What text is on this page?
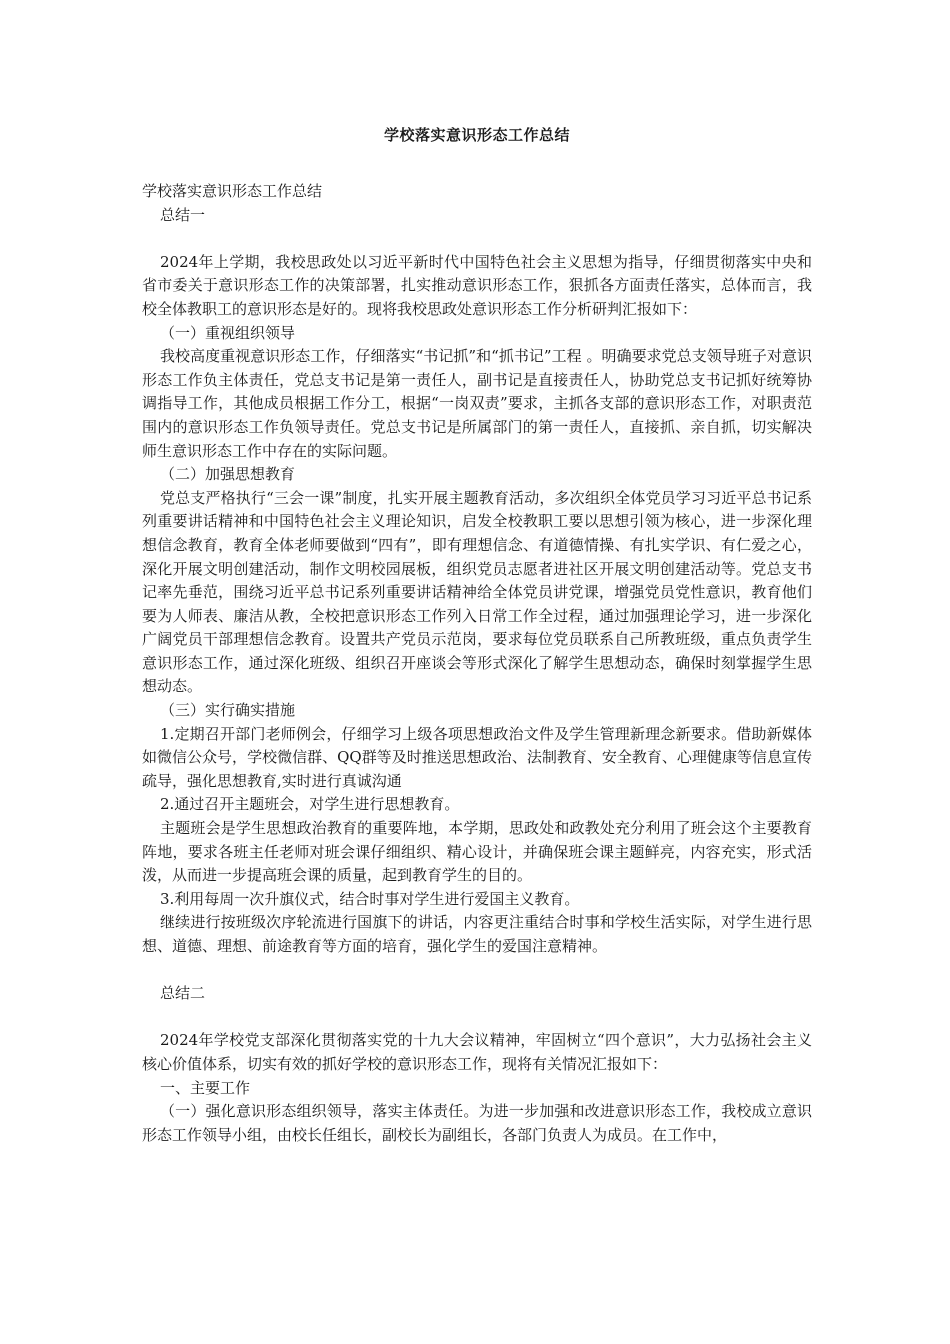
学校落实意识形态工作总结

学校落实意识形态工作总结

总结一

2024年上学期，我校思政处以习近平新时代中国特色社会主义思想为指导，仔细贯彻落实中央和省市委关于意识形态工作的决策部署，扎实推动意识形态工作，狠抓各方面责任落实，总体而言，我校全体教职工的意识形态是好的。现将我校思政处意识形态工作分析研判汇报如下：

（一）重视组织领导

我校高度重视意识形态工作，仔细落实“书记抓”和“抓书记”工程 。明确要求党总支领导班子对意识形态工作负主体责任，党总支书记是第一责任人，副书记是直接责任人，协助党总支书记抓好统筹协调指导工作，其他成员根据工作分工，根据“一岗双责”要求，主抓各支部的意识形态工作，对职责范围内的意识形态工作负领导责任。党总支书记是所属部门的第一责任人，直接抓、亲自抓，切实解决师生意识形态工作中存在的实际问题。

（二）加强思想教育

党总支严格执行“三会一课”制度，扎实开展主题教育活动，多次组织全体党员学习习近平总书记系列重要讲话精神和中国特色社会主义理论知识，启发全校教职工要以思想引领为核心，进一步深化理想信念教育，教育全体老师要做到“四有”，即有理想信念、有道德情操、有扎实学识、有仁爱之心，深化开展文明创建活动，制作文明校园展板，组织党员志愿者进社区开展文明创建活动等。党总支书记率先垂范，围绕习近平总书记系列重要讲话精神给全体党员讲党课，增强党员党性意识，教育他们要为人师表、廉洁从教，全校把意识形态工作列入日常工作全过程，通过加强理论学习，进一步深化广阔党员干部理想信念教育。设置共产党员示范岗，要求每位党员联系自己所教班级，重点负责学生意识形态工作，通过深化班级、组织召开座谈会等形式深化了解学生思想动态，确保时刻掌握学生思想动态。

（三）实行确实措施

1.定期召开部门老师例会，仔细学习上级各项思想政治文件及学生管理新理念新要求。借助新媒体如微信公众号，学校微信群、QQ群等及时推送思想政治、法制教育、安全教育、心理健康等信息宣传疏导，强化思想教育,实时进行真诚沟通

2.通过召开主题班会，对学生进行思想教育。

主题班会是学生思想政治教育的重要阵地，本学期，思政处和政教处充分利用了班会这个主要教育阵地，要求各班主任老师对班会课仔细组织、精心设计，并确保班会课主题鲜亮，内容充实，形式活泼，从而进一步提高班会课的质量，起到教育学生的目的。

3.利用每周一次升旗仪式，结合时事对学生进行爱国主义教育。

继续进行按班级次序轮流进行国旗下的讲话，内容更注重结合时事和学校生活实际，对学生进行思想、道德、理想、前途教育等方面的培育，强化学生的爱国注意精神。

总结二

2024年学校党支部深化贯彻落实党的十九大会议精神，牢固树立“四个意识”，大力弘扬社会主义核心价值体系，切实有效的抓好学校的意识形态工作，现将有关情况汇报如下：

一、主要工作

（一）强化意识形态组织领导，落实主体责任。为进一步加强和改进意识形态工作，我校成立意识形态工作领导小组，由校长任组长，副校长为副组长，各部门负责人为成员。在工作中，
